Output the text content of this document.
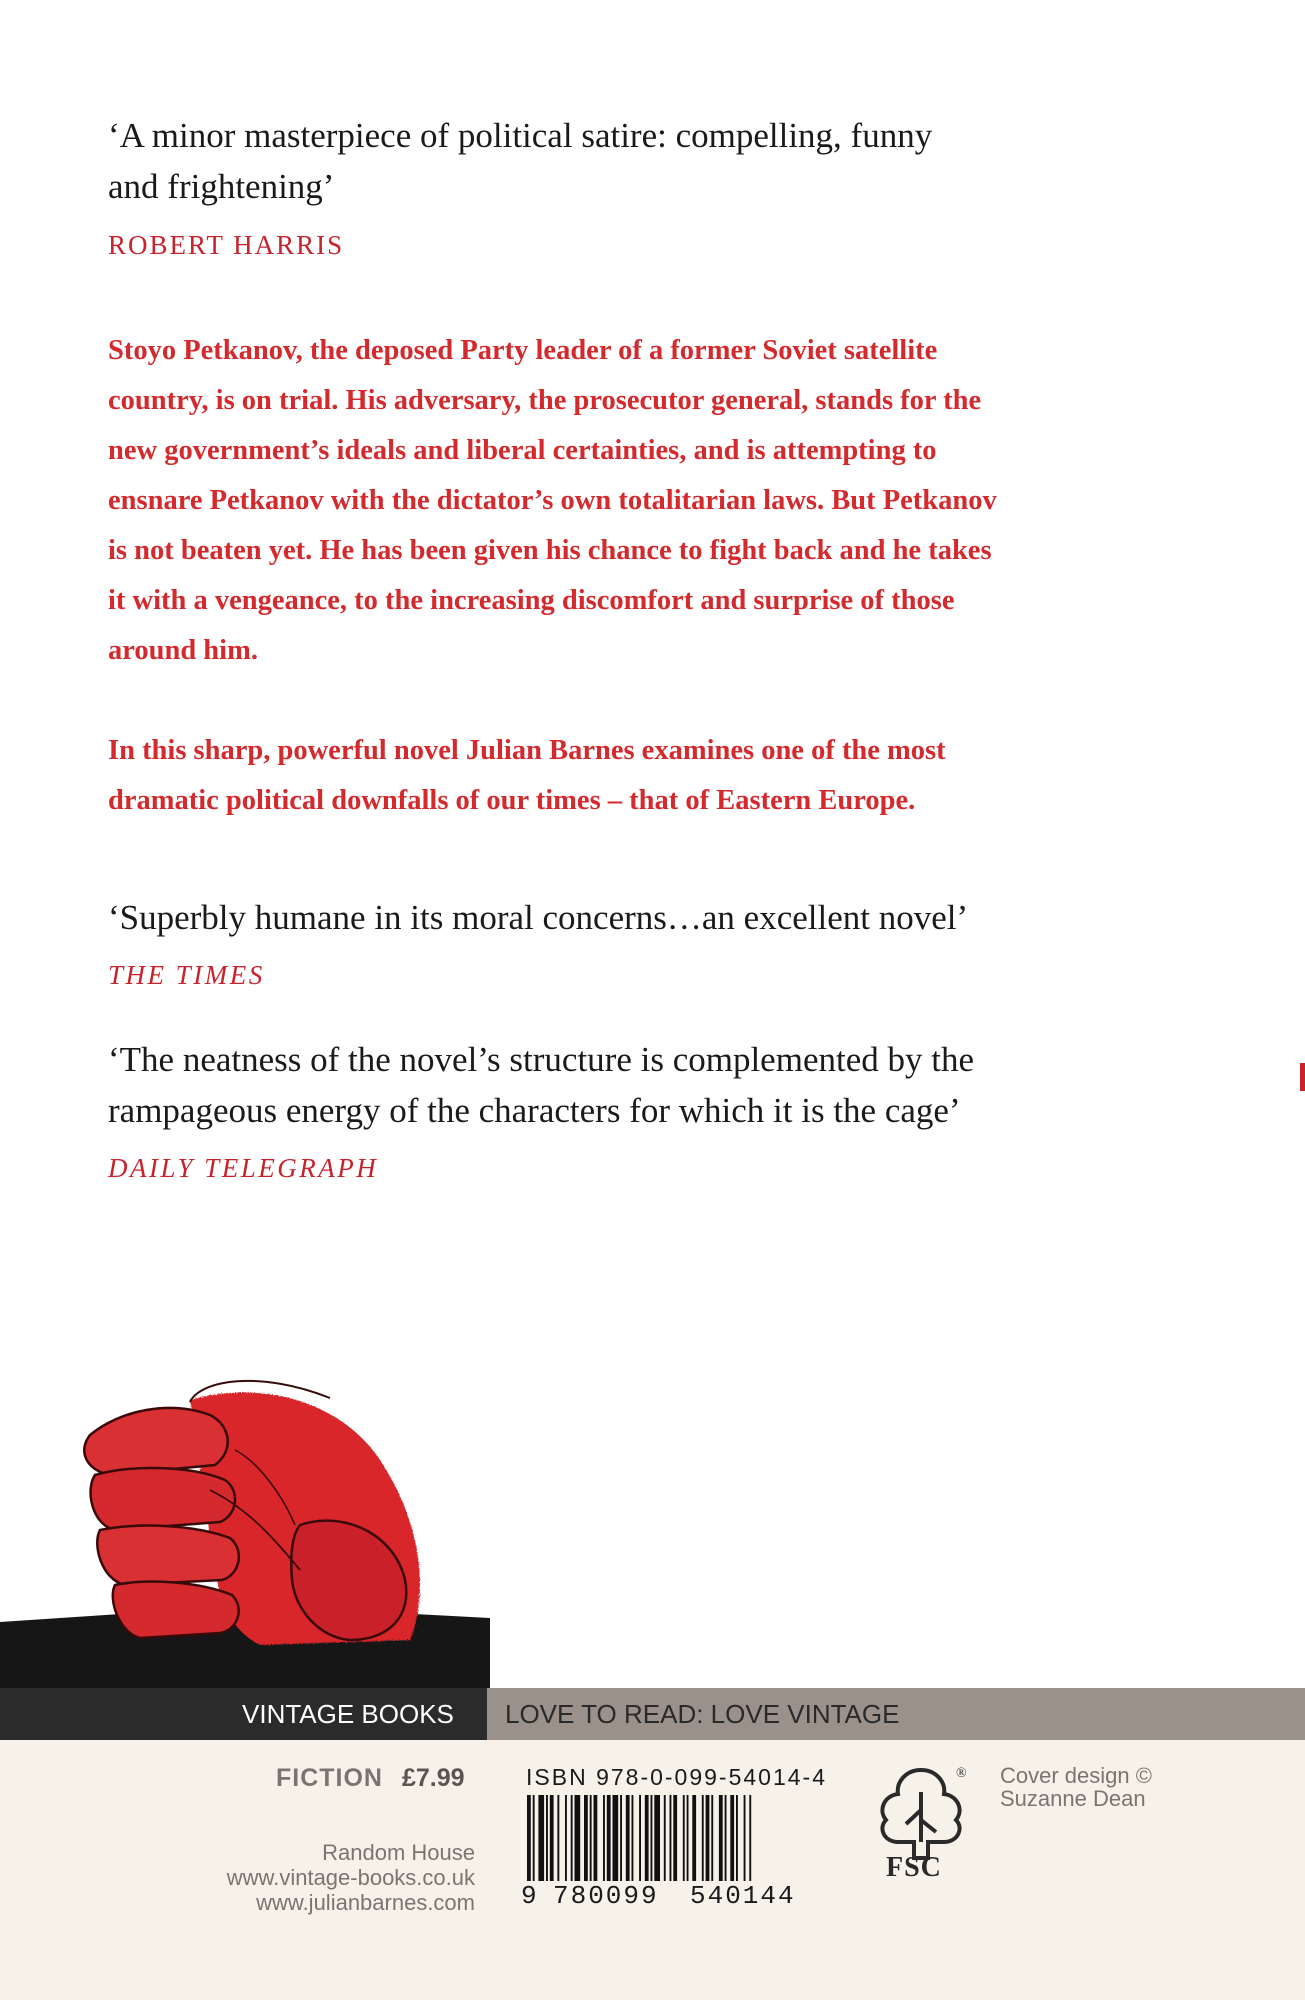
‘A minor masterpiece of political satire: compelling, funny
and frightening’

ROBERT HARRIS

Stoyo Petkanov, the deposed Party leader of a former Soviet satellite
country, is on trial. His adversary, the prosecutor general, stands for the
new government’s ideals and liberal certainties, and is attempting to
ensnare Petkanov with the dictator’s own totalitarian laws. But Petkanov
is not beaten yet. He has been given his chance to fight back and he takes
it with a vengeance, to the increasing discomfort and surprise of those
around him.
In this sharp, powerful novel Julian Barnes examines one of the most
dramatic political downfalls of our times – that of Eastern Europe.
‘Superbly humane in its moral concerns…an excellent novel’

THE TIMES

‘The neatness of the novel’s structure is complemented by the
rampageous energy of the characters for which it is the cage’

DAILY TELEGRAPH

VINTAGE BOOKS LOVE TO READ: LOVE VINTAGE

FICTION £7.99

Random House
www.vintage-books.co.uk
www.julianbarnes.com

ISBN 978-0-099-54014-4

9 780099 540144

®

FSC

Cover design ©
Suzanne Dean
